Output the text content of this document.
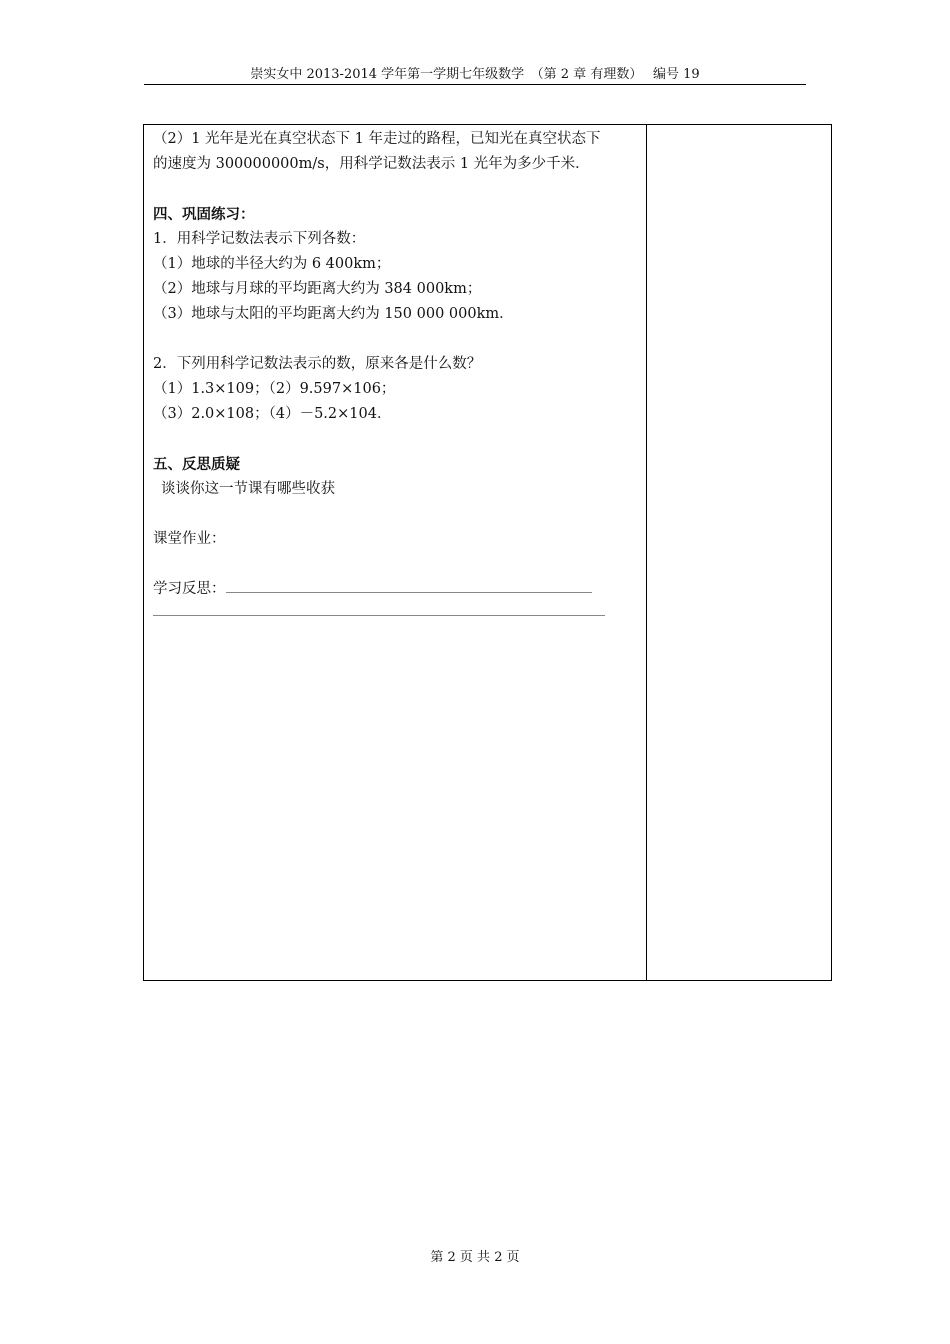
崇实女中 2013-2014 学年第一学期七年级数学　（第 2 章 有理数）　 编号 19
（2）1 光年是光在真空状态下 1 年走过的路程，已知光在真空状态下
的速度为 300000000m/s，用科学记数法表示 1 光年为多少千米．
四、巩固练习：
1．用科学记数法表示下列各数：
（1）地球的半径大约为 6 400km；
（2）地球与月球的平均距离大约为 384 000km；
（3）地球与太阳的平均距离大约为 150 000 000km．
2．下列用科学记数法表示的数，原来各是什么数？
（1）1.3×109；（2）9.597×106；
（3）2.0×108；（4）－5.2×104．
五、反思质疑
谈谈你这一节课有哪些收获
课堂作业：
学习反思：
第 2 页 共 2 页
